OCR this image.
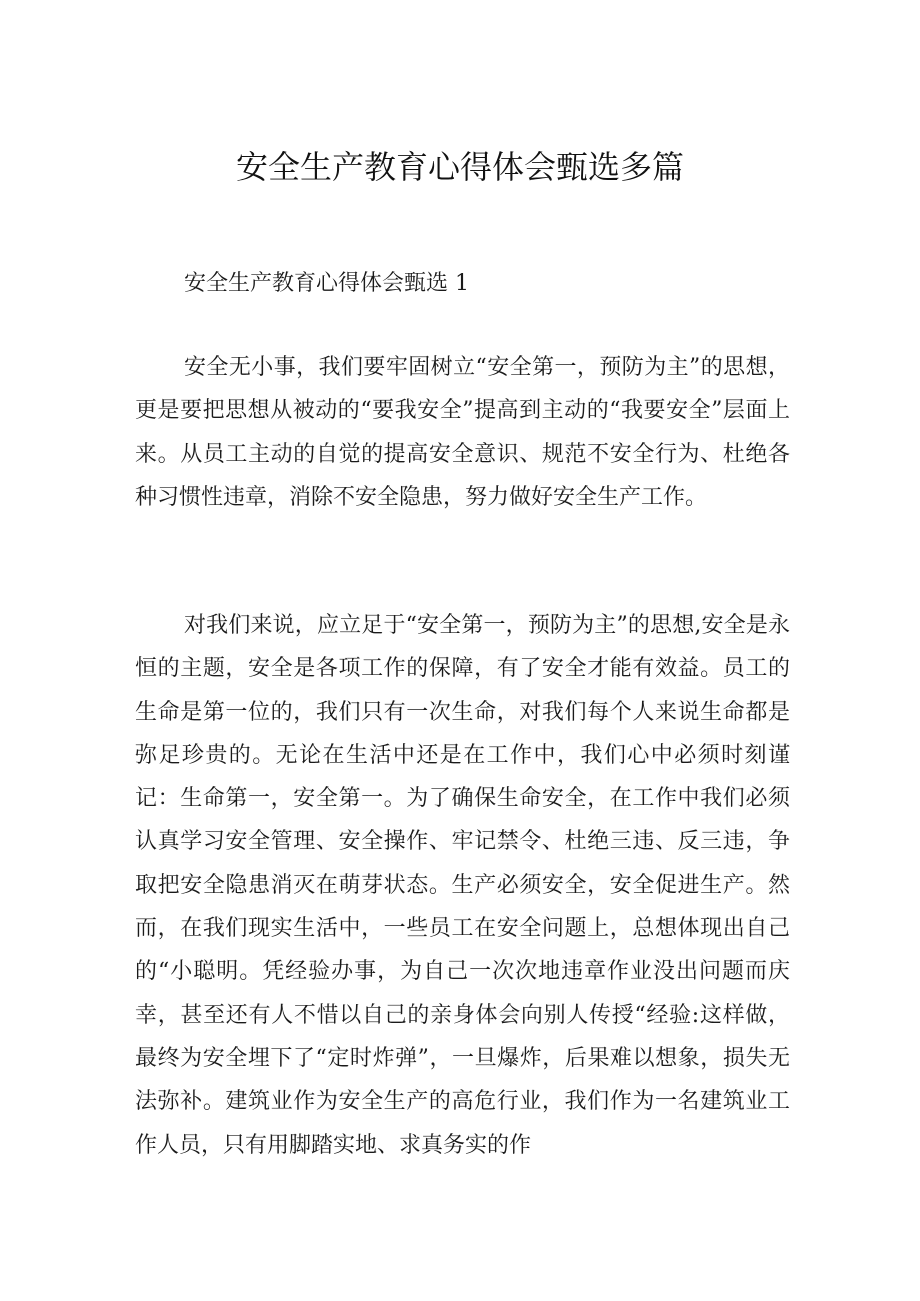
安全生产教育心得体会甄选多篇
安全生产教育心得体会甄选 1

安全无小事，我们要牢固树立“安全第一，预防为主”的思想，更是要把思想从被动的“要我安全”提高到主动的“我要安全”层面上来。从员工主动的自觉的提高安全意识、规范不安全行为、杜绝各种习惯性违章，消除不安全隐患，努力做好安全生产工作。

对我们来说，应立足于“安全第一，预防为主”的思想,安全是永恒的主题，安全是各项工作的保障，有了安全才能有效益。员工的生命是第一位的，我们只有一次生命，对我们每个人来说生命都是弥足珍贵的。无论在生活中还是在工作中，我们心中必须时刻谨记：生命第一，安全第一。为了确保生命安全，在工作中我们必须认真学习安全管理、安全操作、牢记禁令、杜绝三违、反三违，争取把安全隐患消灭在萌芽状态。生产必须安全，安全促进生产。然而，在我们现实生活中，一些员工在安全问题上，总想体现出自己的“小聪明。凭经验办事，为自己一次次地违章作业没出问题而庆幸，甚至还有人不惜以自己的亲身体会向别人传授“经验:这样做，最终为安全埋下了“定时炸弹”，一旦爆炸，后果难以想象，损失无法弥补。建筑业作为安全生产的高危行业，我们作为一名建筑业工作人员，只有用脚踏实地、求真务实的作
